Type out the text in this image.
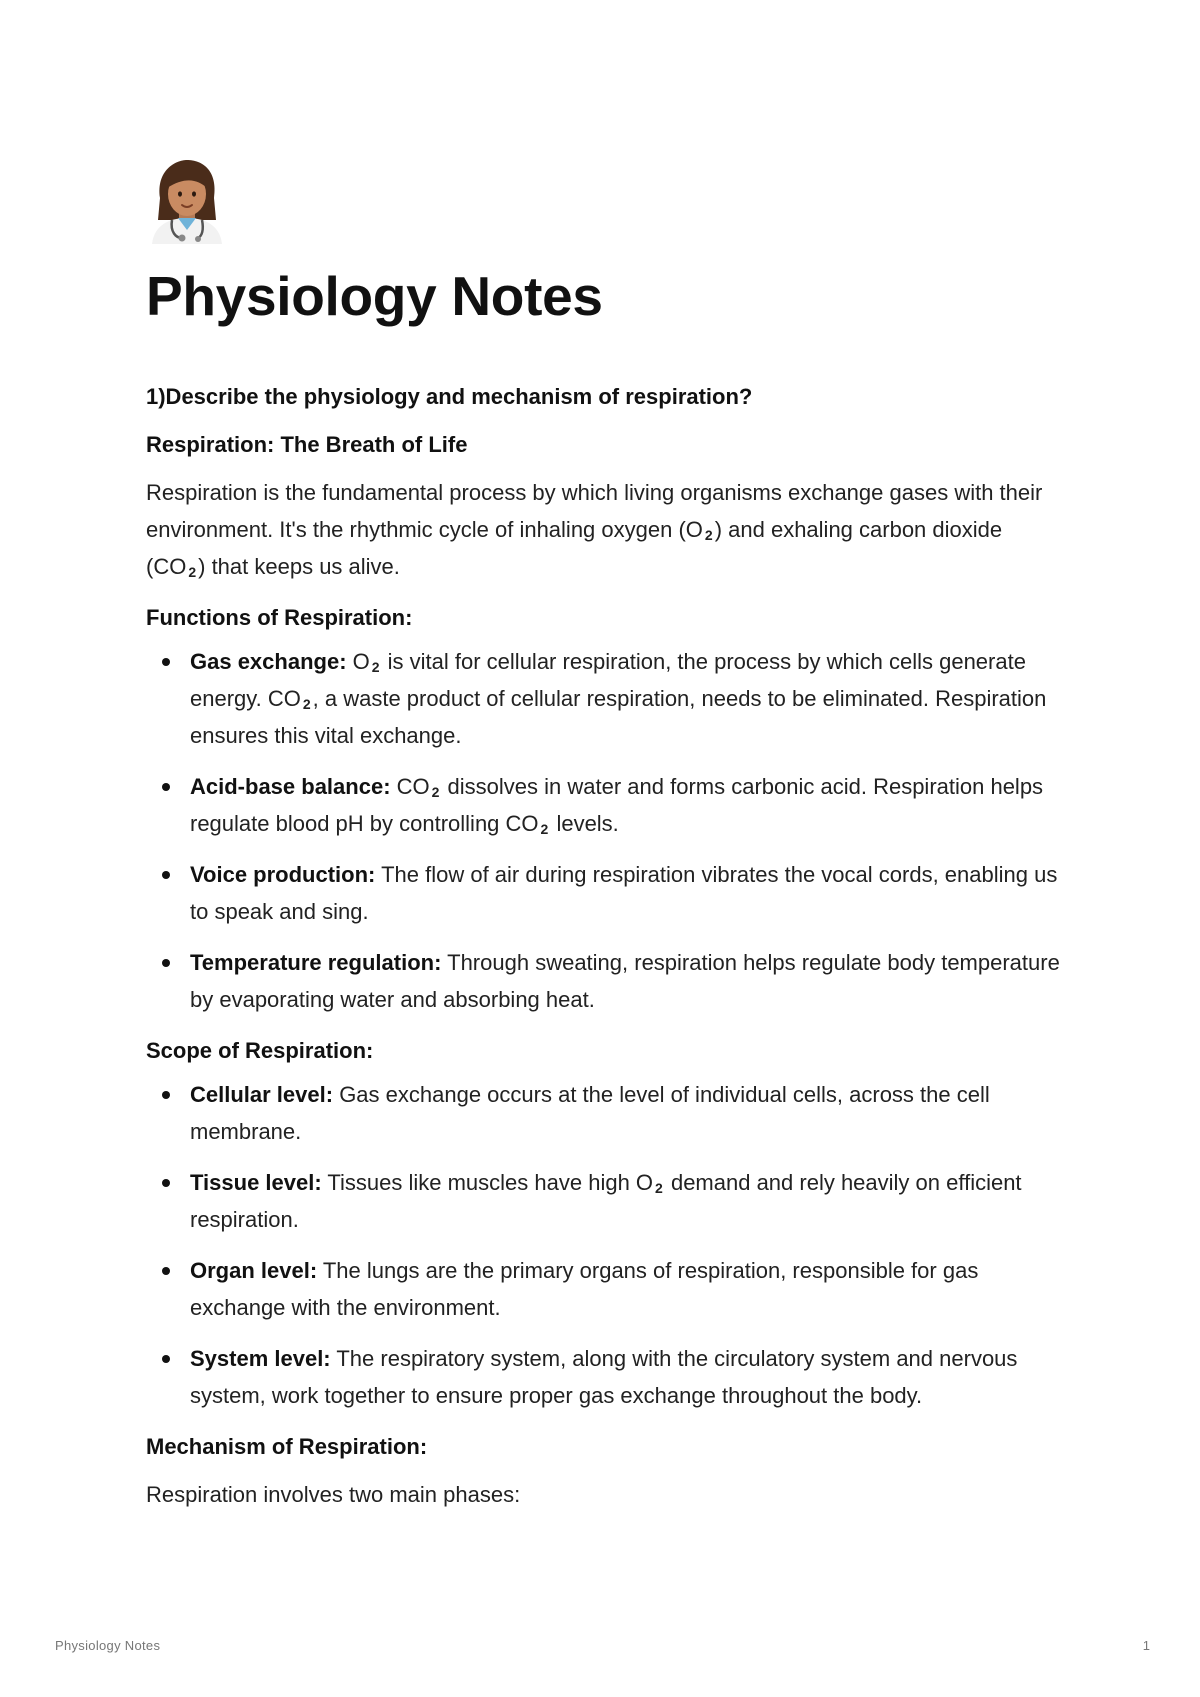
Physiology Notes
1)Describe the physiology and mechanism of respiration?
Respiration: The Breath of Life

Respiration is the fundamental process by which living organisms exchange gases with their environment. It's the rhythmic cycle of inhaling oxygen (O $_2$) and exhaling carbon dioxide (CO $_2$) that keeps us alive.

Functions of Respiration:
Gas exchange: O $_2$ is vital for cellular respiration, the process by which cells generate energy. CO $_2$, a waste product of cellular respiration, needs to be eliminated. Respiration ensures this vital exchange.
Acid-base balance: CO $_2$ dissolves in water and forms carbonic acid. Respiration helps regulate blood pH by controlling CO $_2$ levels.
Voice production: The flow of air during respiration vibrates the vocal cords, enabling us to speak and sing.
Temperature regulation: Through sweating, respiration helps regulate body temperature by evaporating water and absorbing heat.
Scope of Respiration:
Cellular level: Gas exchange occurs at the level of individual cells, across the cell membrane.
Tissue level: Tissues like muscles have high O $_2$ demand and rely heavily on efficient respiration.
Organ level: The lungs are the primary organs of respiration, responsible for gas exchange with the environment.
System level: The respiratory system, along with the circulatory system and nervous system, work together to ensure proper gas exchange throughout the body.
Mechanism of Respiration:

Respiration involves two main phases:

Physiology Notes	1
